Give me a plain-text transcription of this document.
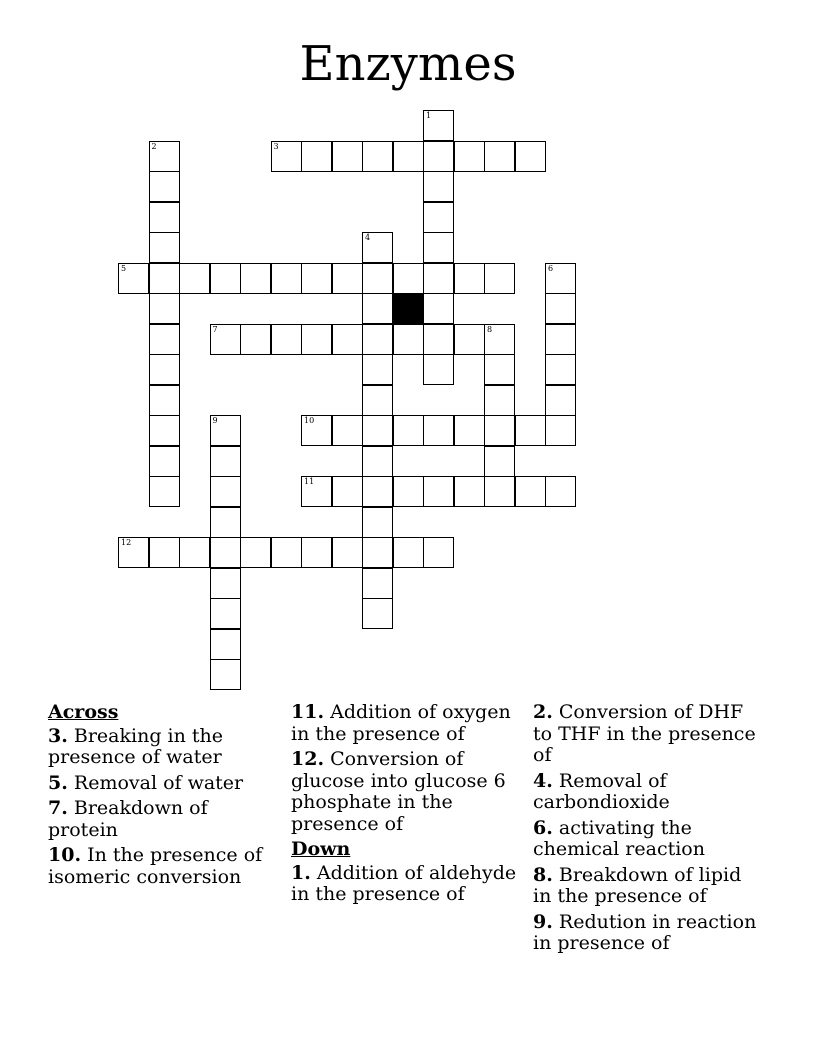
Enzymes
1
2	3
4
5	6
7	8
9	10
11
12
Across
3. Breaking in the presence of water
5. Removal of water
7. Breakdown of protein
10. In the presence of isomeric conversion
11. Addition of oxygen in the presence of
12. Conversion of glucose into glucose 6 phosphate in the presence of
Down
1. Addition of aldehyde in the presence of
2. Conversion of DHF to THF in the presence of
4. Removal of carbondioxide
6. activating the chemical reaction
8. Breakdown of lipid in the presence of
9. Redution in reaction in presence of
